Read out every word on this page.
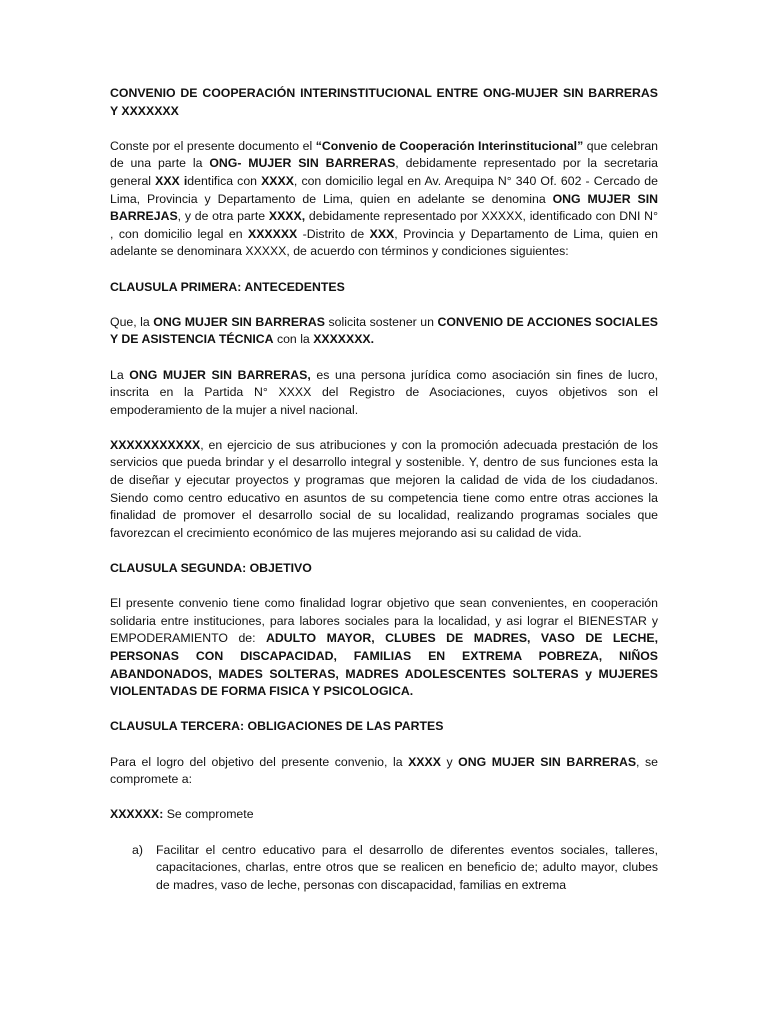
CONVENIO DE COOPERACIÓN INTERINSTITUCIONAL ENTRE ONG-MUJER SIN BARRERAS Y XXXXXXX

Conste por el presente documento el “Convenio de Cooperación Interinstitucional” que celebran de una parte la ONG- MUJER SIN BARRERAS, debidamente representado por la secretaria general XXX identifica con XXXX, con domicilio legal en Av. Arequipa N° 340 Of. 602 - Cercado de Lima, Provincia y Departamento de Lima, quien en adelante se denomina ONG MUJER SIN BARREJAS, y de otra parte XXXX, debidamente representado por XXXXX, identificado con DNI N° , con domicilio legal en XXXXXX -Distrito de XXX, Provincia y Departamento de Lima, quien en adelante se denominara XXXXX, de acuerdo con términos y condiciones siguientes:

CLAUSULA PRIMERA: ANTECEDENTES

Que, la ONG MUJER SIN BARRERAS solicita sostener un CONVENIO DE ACCIONES SOCIALES Y DE ASISTENCIA TÉCNICA con la XXXXXXX.

La ONG MUJER SIN BARRERAS, es una persona jurídica como asociación sin fines de lucro, inscrita en la Partida N° XXXX del Registro de Asociaciones, cuyos objetivos son el empoderamiento de la mujer a nivel nacional.

XXXXXXXXXXX, en ejercicio de sus atribuciones y con la promoción adecuada prestación de los servicios que pueda brindar y el desarrollo integral y sostenible. Y, dentro de sus funciones esta la de diseñar y ejecutar proyectos y programas que mejoren la calidad de vida de los ciudadanos. Siendo como centro educativo en asuntos de su competencia tiene como entre otras acciones la finalidad de promover el desarrollo social de su localidad, realizando programas sociales que favorezcan el crecimiento económico de las mujeres mejorando asi su calidad de vida.

CLAUSULA SEGUNDA: OBJETIVO

El presente convenio tiene como finalidad lograr objetivo que sean convenientes, en cooperación solidaria entre instituciones, para labores sociales para la localidad, y asi lograr el BIENESTAR y EMPODERAMIENTO de: ADULTO MAYOR, CLUBES DE MADRES, VASO DE LECHE, PERSONAS CON DISCAPACIDAD, FAMILIAS EN EXTREMA POBREZA, NIÑOS ABANDONADOS, MADES SOLTERAS, MADRES ADOLESCENTES SOLTERAS y MUJERES VIOLENTADAS DE FORMA FISICA Y PSICOLOGICA.

CLAUSULA TERCERA: OBLIGACIONES DE LAS PARTES

Para el logro del objetivo del presente convenio, la XXXX y ONG MUJER SIN BARRERAS, se compromete a:

XXXXXX: Se compromete

a) Facilitar el centro educativo para el desarrollo de diferentes eventos sociales, talleres, capacitaciones, charlas, entre otros que se realicen en beneficio de; adulto mayor, clubes de madres, vaso de leche, personas con discapacidad, familias en extrema
